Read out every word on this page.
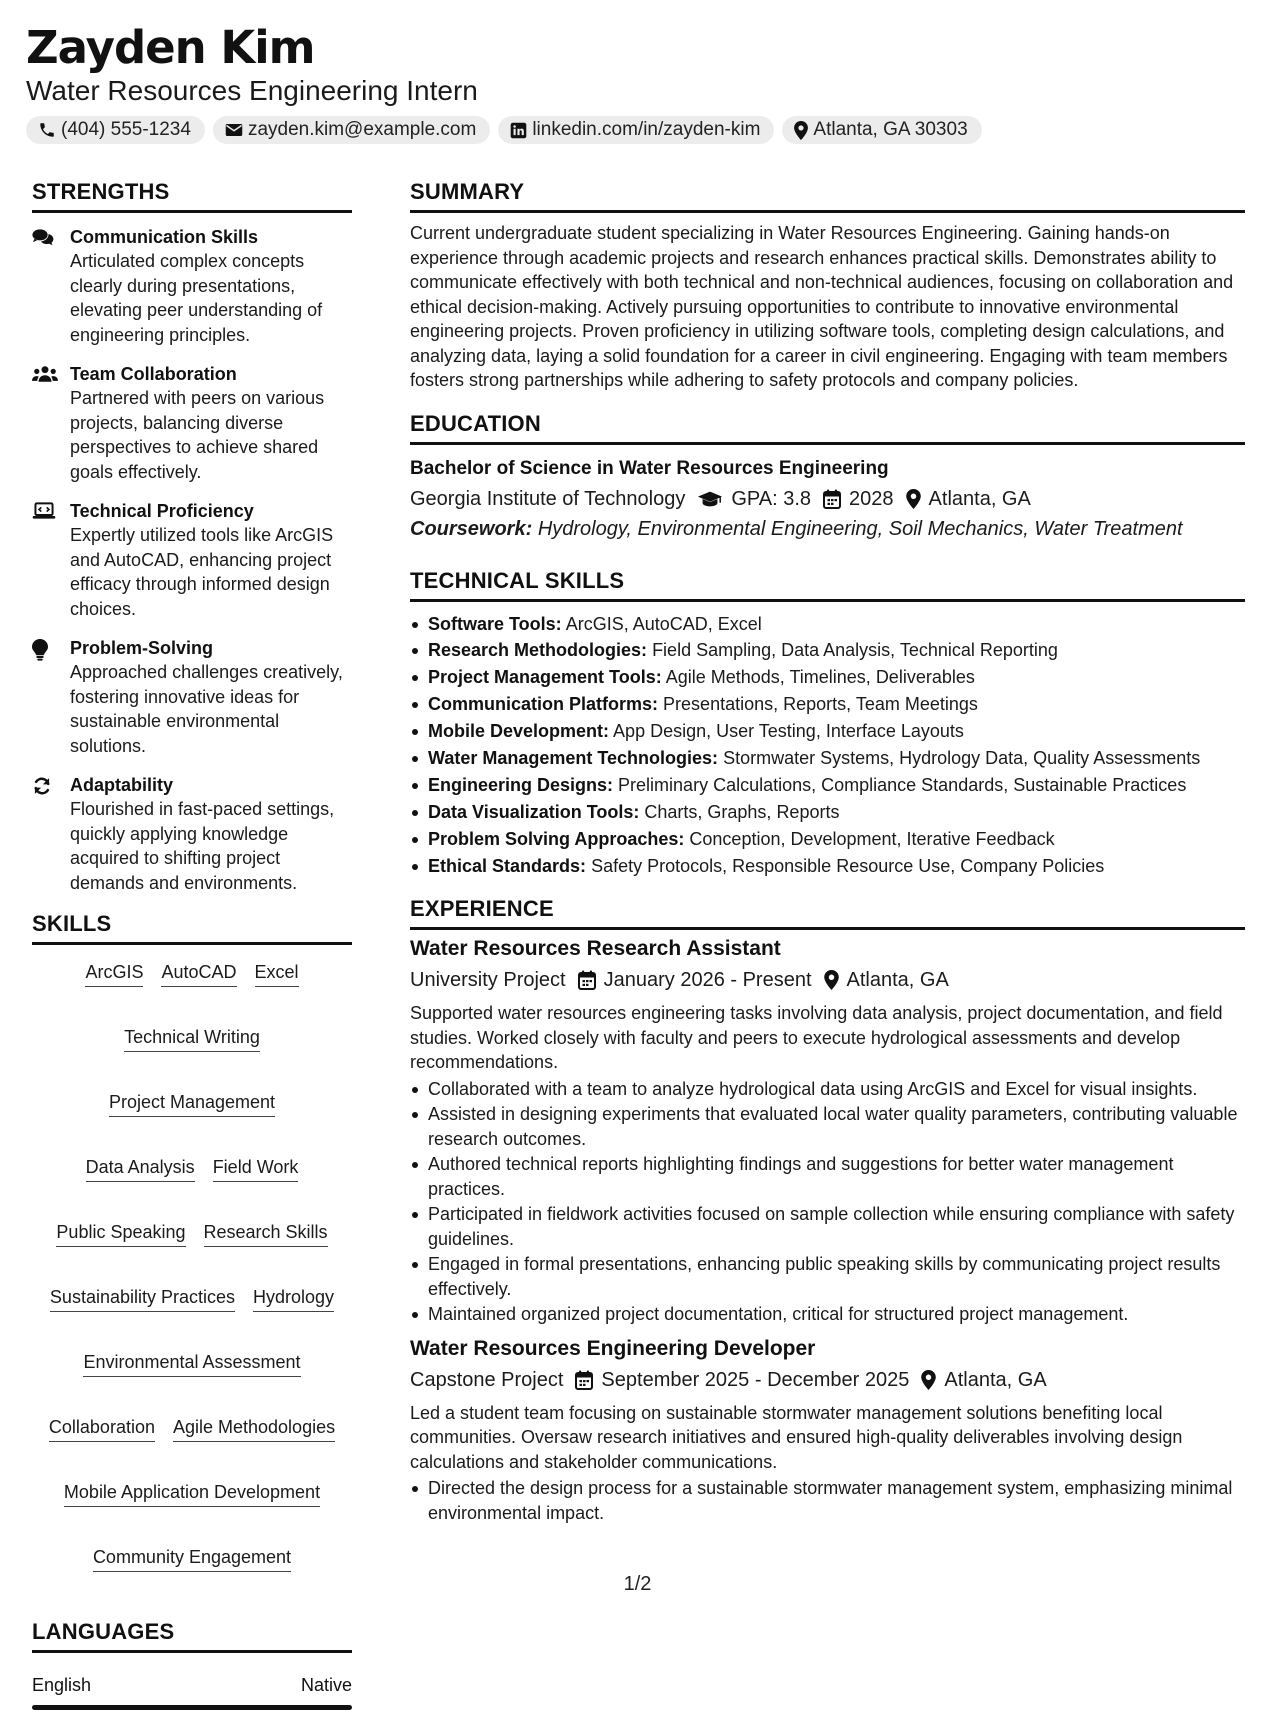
Zayden Kim
Water Resources Engineering Intern
(404) 555-1234	zayden.kim@example.com	linkedin.com/in/zayden-kim	Atlanta, GA 30303
STRENGTHS
Communication Skills
Articulated complex concepts clearly during presentations, elevating peer understanding of engineering principles.
Team Collaboration
Partnered with peers on various projects, balancing diverse perspectives to achieve shared goals effectively.
Technical Proficiency
Expertly utilized tools like ArcGIS and AutoCAD, enhancing project efficacy through informed design choices.
Problem-Solving
Approached challenges creatively, fostering innovative ideas for sustainable environmental solutions.
Adaptability
Flourished in fast-paced settings, quickly applying knowledge acquired to shifting project demands and environments.
SKILLS
ArcGIS AutoCAD Excel
Technical Writing
Project Management
Data Analysis Field Work
Public Speaking Research Skills
Sustainability Practices Hydrology
Environmental Assessment
Collaboration Agile Methodologies
Mobile Application Development
Community Engagement
LANGUAGES
English	Native
SUMMARY
Current undergraduate student specializing in Water Resources Engineering. Gaining hands-on experience through academic projects and research enhances practical skills. Demonstrates ability to communicate effectively with both technical and non-technical audiences, focusing on collaboration and ethical decision-making. Actively pursuing opportunities to contribute to innovative environmental engineering projects. Proven proficiency in utilizing software tools, completing design calculations, and analyzing data, laying a solid foundation for a career in civil engineering. Engaging with team members fosters strong partnerships while adhering to safety protocols and company policies.
EDUCATION
Bachelor of Science in Water Resources Engineering
Georgia Institute of Technology GPA: 3.8 2028 Atlanta, GA
Coursework: Hydrology, Environmental Engineering, Soil Mechanics, Water Treatment
TECHNICAL SKILLS
Software Tools: ArcGIS, AutoCAD, Excel
Research Methodologies: Field Sampling, Data Analysis, Technical Reporting
Project Management Tools: Agile Methods, Timelines, Deliverables
Communication Platforms: Presentations, Reports, Team Meetings
Mobile Development: App Design, User Testing, Interface Layouts
Water Management Technologies: Stormwater Systems, Hydrology Data, Quality Assessments
Engineering Designs: Preliminary Calculations, Compliance Standards, Sustainable Practices
Data Visualization Tools: Charts, Graphs, Reports
Problem Solving Approaches: Conception, Development, Iterative Feedback
Ethical Standards: Safety Protocols, Responsible Resource Use, Company Policies
EXPERIENCE
Water Resources Research Assistant
University Project January 2026 - Present Atlanta, GA
Supported water resources engineering tasks involving data analysis, project documentation, and field studies. Worked closely with faculty and peers to execute hydrological assessments and develop recommendations.
Collaborated with a team to analyze hydrological data using ArcGIS and Excel for visual insights.
Assisted in designing experiments that evaluated local water quality parameters, contributing valuable research outcomes.
Authored technical reports highlighting findings and suggestions for better water management practices.
Participated in fieldwork activities focused on sample collection while ensuring compliance with safety guidelines.
Engaged in formal presentations, enhancing public speaking skills by communicating project results effectively.
Maintained organized project documentation, critical for structured project management.
Water Resources Engineering Developer
Capstone Project September 2025 - December 2025 Atlanta, GA
Led a student team focusing on sustainable stormwater management solutions benefiting local communities. Oversaw research initiatives and ensured high-quality deliverables involving design calculations and stakeholder communications.
Directed the design process for a sustainable stormwater management system, emphasizing minimal environmental impact.
1/2
